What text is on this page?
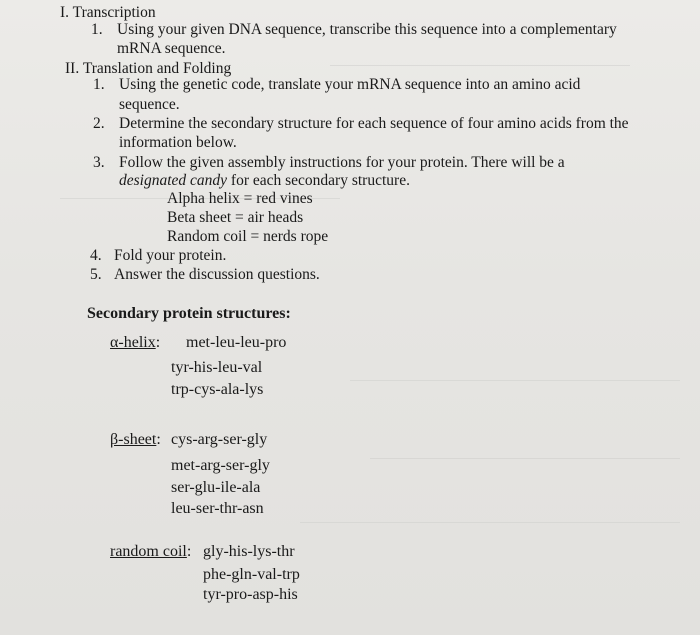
I. Transcription
1. Using your given DNA sequence, transcribe this sequence into a complementary
mRNA sequence.
II. Translation and Folding
1. Using the genetic code, translate your mRNA sequence into an amino acid
sequence.
2. Determine the secondary structure for each sequence of four amino acids from the
information below.
3. Follow the given assembly instructions for your protein. There will be a
designated candy for each secondary structure.
Alpha helix = red vines
Beta sheet = air heads
Random coil = nerds rope
4. Fold your protein.
5. Answer the discussion questions.
Secondary protein structures:
α-helix: met-leu-leu-pro
tyr-his-leu-val
trp-cys-ala-lys
β-sheet: cys-arg-ser-gly
met-arg-ser-gly
ser-glu-ile-ala
leu-ser-thr-asn
random coil: gly-his-lys-thr
phe-gln-val-trp
tyr-pro-asp-his
